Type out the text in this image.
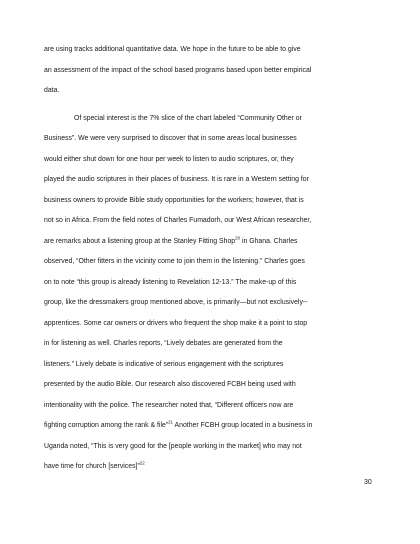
are using tracks additional quantitative data. We hope in the future to be able to give
an assessment of the impact of the school based programs based upon better empirical
data.

Of special interest is the 7% slice of the chart labeled “Community Other or
Business”. We were very surprised to discover that in some areas local businesses
would either shut down for one hour per week to listen to audio scriptures, or, they
played the audio scriptures in their places of business. It is rare in a Western setting for
business owners to provide Bible study opportunities for the workers; however, that is
not so in Africa. From the field notes of Charles Fumadorh, our West African researcher,
are remarks about a listening group at the Stanley Fitting Shop$^{20}$ in Ghana. Charles
observed, “Other fitters in the vicinity come to join them in the listening.” Charles goes
on to note “this group is already listening to Revelation 12-13.” The make-up of this
group, like the dressmakers group mentioned above, is primarily—but not exclusively--
apprentices. Some car owners or drivers who frequent the shop make it a point to stop
in for listening as well. Charles reports, “Lively debates are generated from the
listeners.” Lively debate is indicative of serious engagement with the scriptures
presented by the audio Bible. Our research also discovered FCBH being used with
intentionality with the police. The researcher noted that, “Different officers now are
fighting corruption among the rank & file”$^{21}$ Another FCBH group located in a business in
Uganda noted, “This is very good for the [people working in the market] who may not
have time for church [services]”$^{22}$

30
